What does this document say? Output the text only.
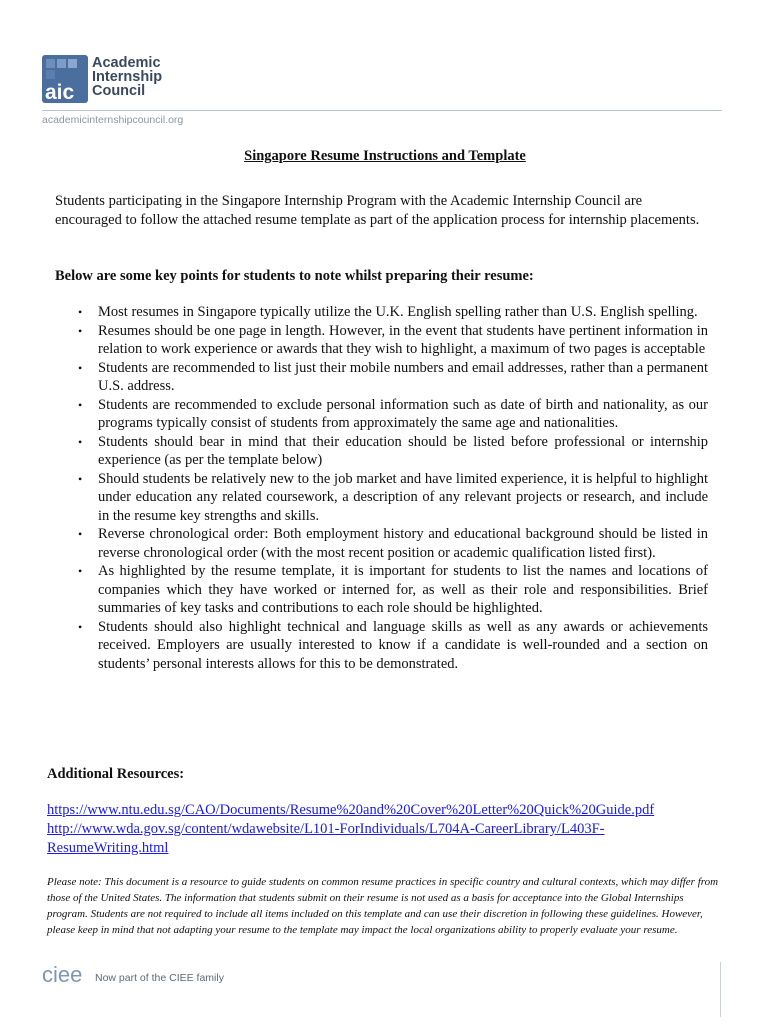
aic
Academic
Internship
Council
academicinternshipcouncil.org
Singapore Resume Instructions and Template

Students participating in the Singapore Internship Program with the Academic Internship Council are encouraged to follow the attached resume template as part of the application process for internship placements.

Below are some key points for students to note whilst preparing their resume:

• Most resumes in Singapore typically utilize the U.K. English spelling rather than U.S. English spelling.
• Resumes should be one page in length. However, in the event that students have pertinent information in relation to work experience or awards that they wish to highlight, a maximum of two pages is acceptable
• Students are recommended to list just their mobile numbers and email addresses, rather than a permanent U.S. address.
• Students are recommended to exclude personal information such as date of birth and nationality, as our programs typically consist of students from approximately the same age and nationalities.
• Students should bear in mind that their education should be listed before professional or internship experience (as per the template below)
• Should students be relatively new to the job market and have limited experience, it is helpful to highlight under education any related coursework, a description of any relevant projects or research, and include in the resume key strengths and skills.
• Reverse chronological order: Both employment history and educational background should be listed in reverse chronological order (with the most recent position or academic qualification listed first).
• As highlighted by the resume template, it is important for students to list the names and locations of companies which they have worked or interned for, as well as their role and responsibilities. Brief summaries of key tasks and contributions to each role should be highlighted.
• Students should also highlight technical and language skills as well as any awards or achievements received. Employers are usually interested to know if a candidate is well-rounded and a section on students’ personal interests allows for this to be demonstrated.

Additional Resources:

https://www.ntu.edu.sg/CAO/Documents/Resume%20and%20Cover%20Letter%20Quick%20Guide.pdf
http://www.wda.gov.sg/content/wdawebsite/L101-ForIndividuals/L704A-CareerLibrary/L403F-ResumeWriting.html

Please note: This document is a resource to guide students on common resume practices in specific country and cultural contexts, which may differ from those of the United States. The information that students submit on their resume is not used as a basis for acceptance into the Global Internships program. Students are not required to include all items included on this template and can use their discretion in following these guidelines. However, please keep in mind that not adapting your resume to the template may impact the local organizations ability to properly evaluate your resume.

ciee Now part of the CIEE family
